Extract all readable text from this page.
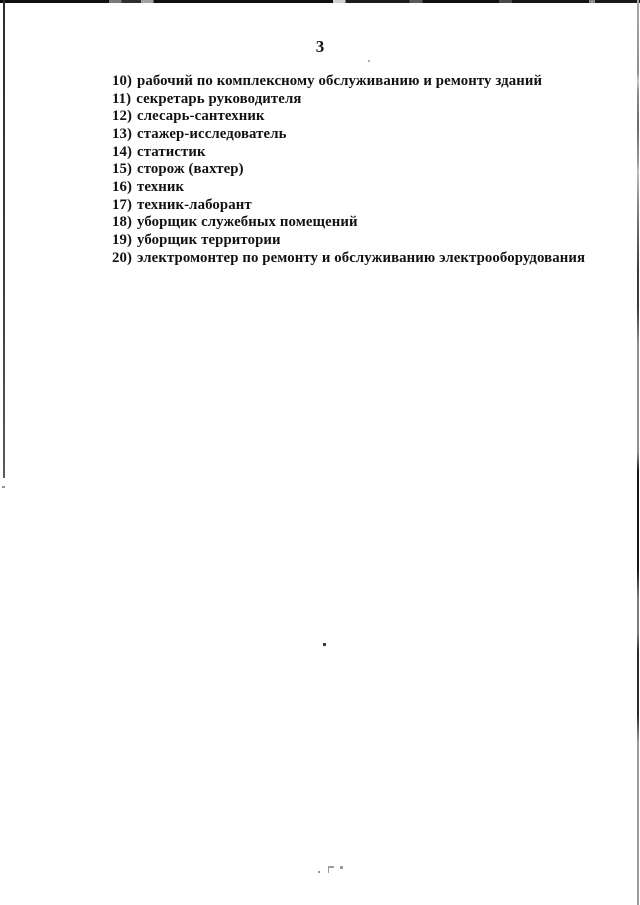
3
10) рабочий по комплексному обслуживанию и ремонту зданий
11) секретарь руководителя
12) слесарь-сантехник
13) стажер-исследователь
14) статистик
15) сторож (вахтер)
16) техник
17) техник-лаборант
18) уборщик служебных помещений
19) уборщик территории
20) электромонтер по ремонту и обслуживанию электрооборудования
